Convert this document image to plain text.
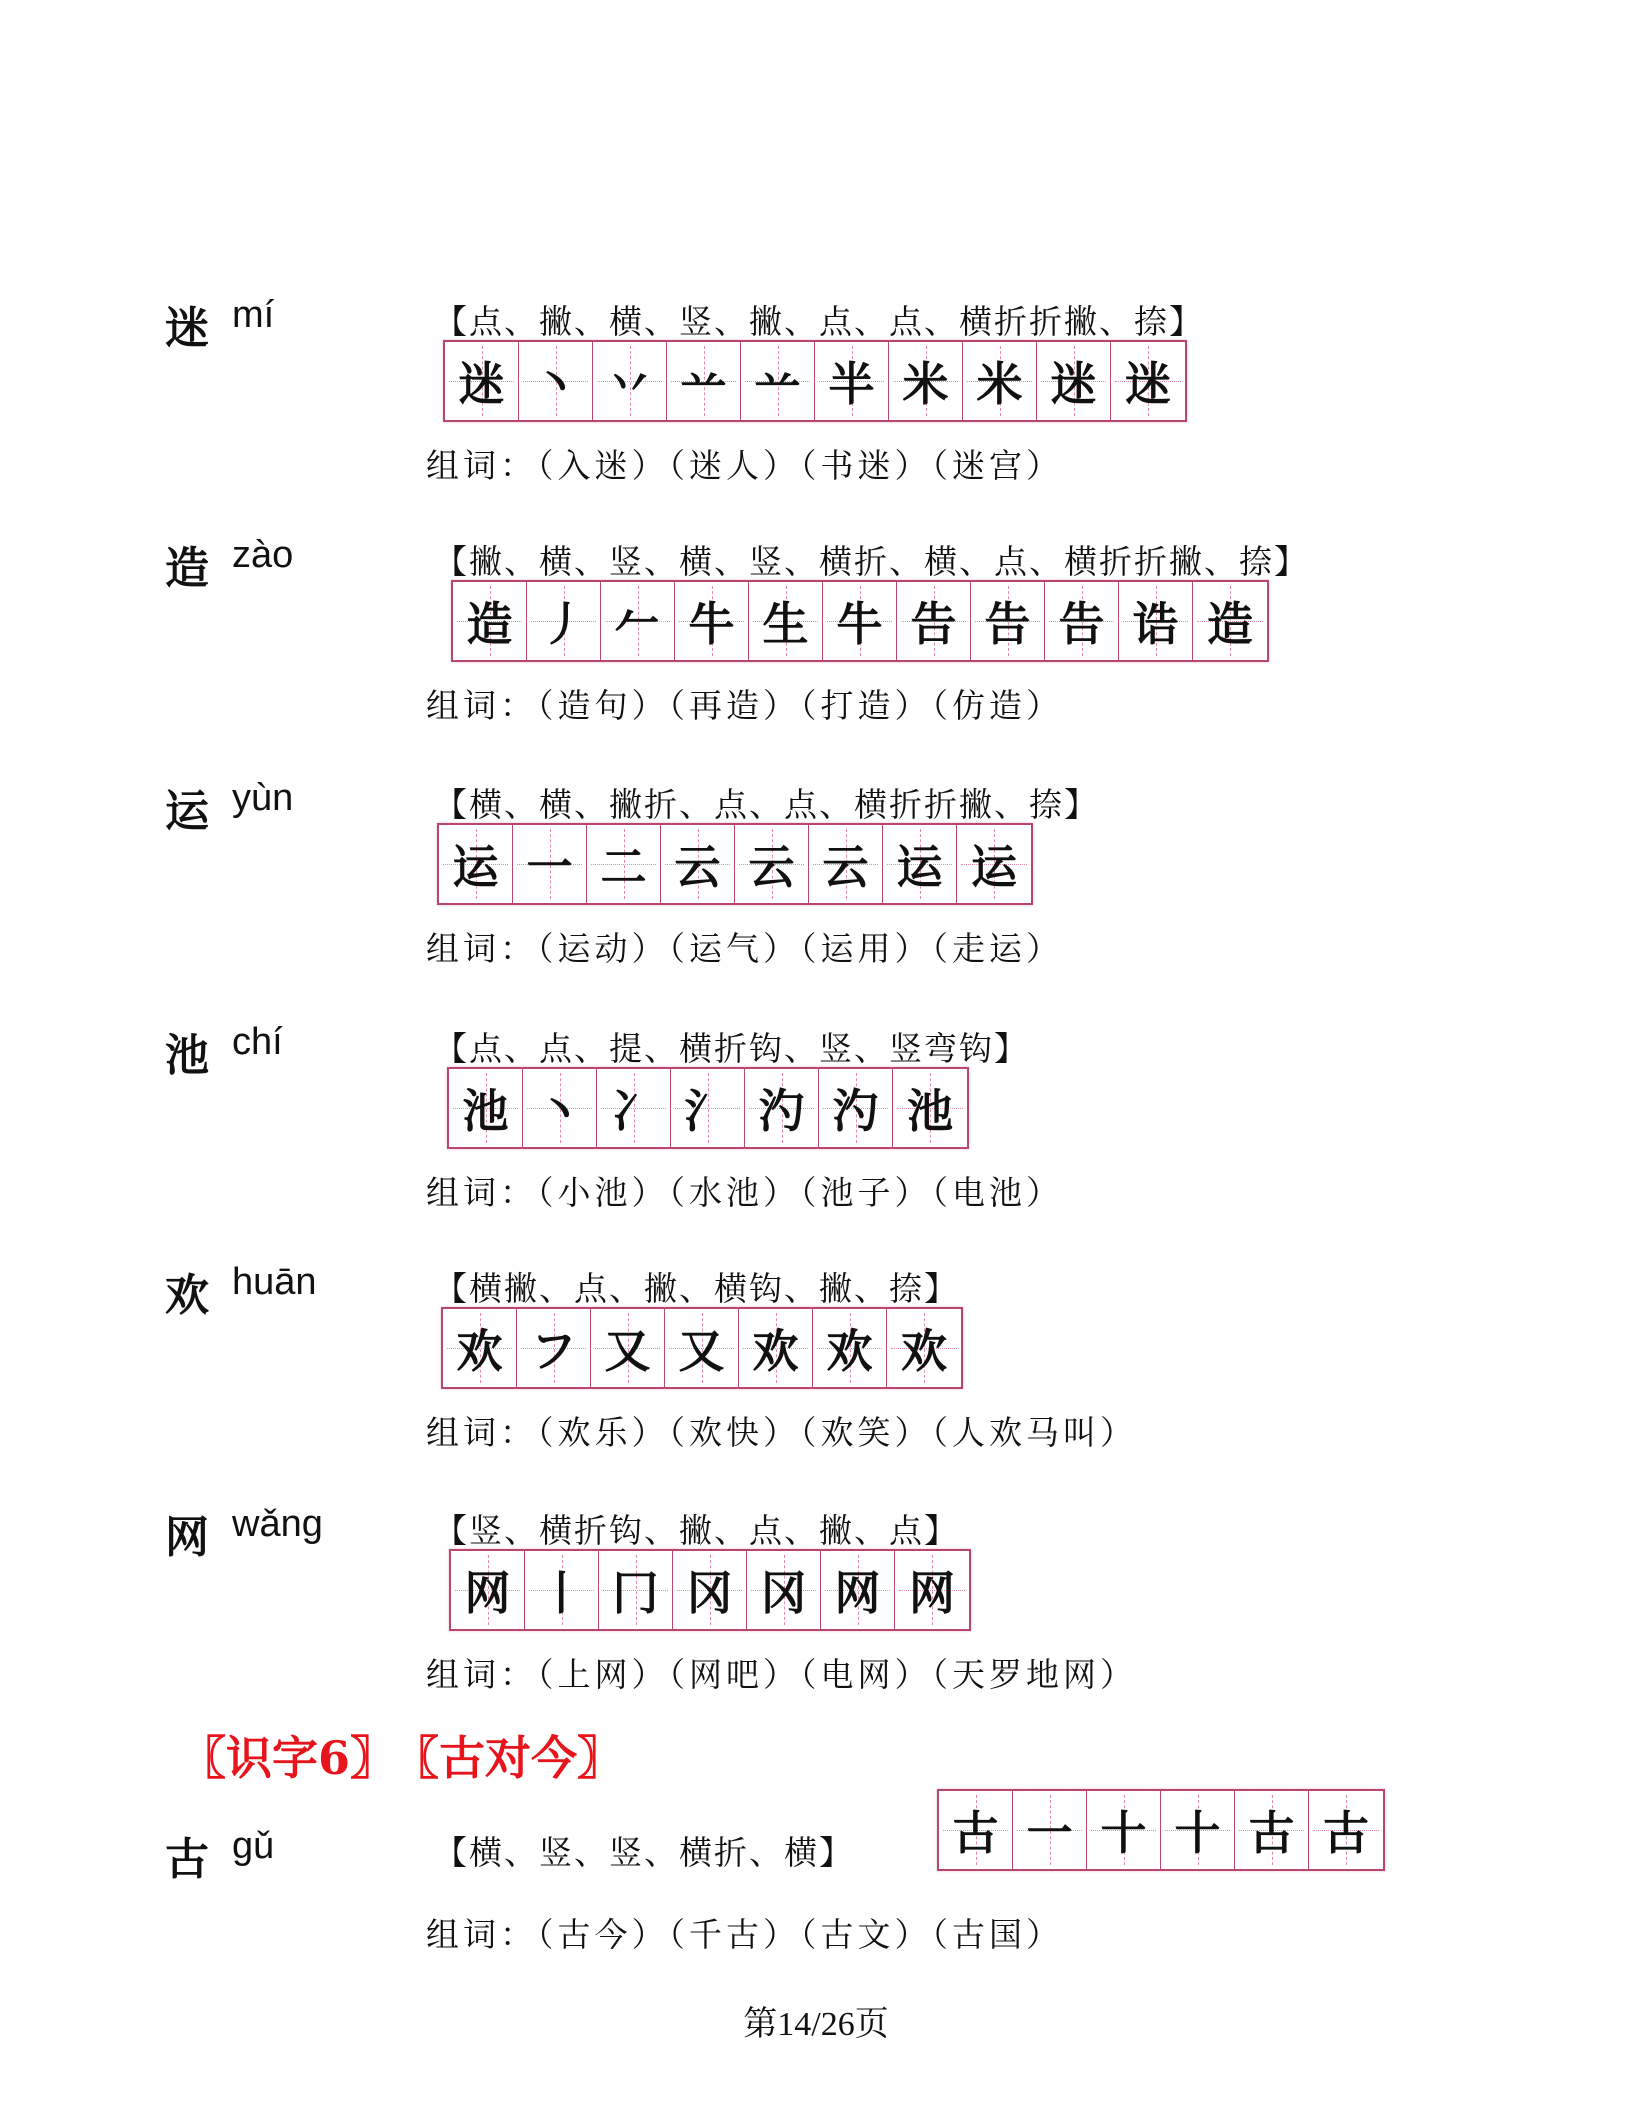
迷 mí	【点、撇、横、竖、撇、点、点、横折折撇、捺】
迷 丶 丷 䒑 䒑 半 米 米 迷 迷
组词：（入迷）（迷人）（书迷）（迷宫）
造 zào	【撇、横、竖、横、竖、横折、横、点、横折折撇、捺】
造 丿 𠂉 牛 生 牛 告 告 告 诰 造
组词：（造句）（再造）（打造）（仿造）
运 yùn	【横、横、撇折、点、点、横折折撇、捺】
运 一 二 云 云 云 运 运
组词：（运动）（运气）（运用）（走运）
池 chí	【点、点、提、横折钩、竖、竖弯钩】
池 丶 冫 氵 汋 汋 池
组词：（小池）（水池）（池子）（电池）
欢 huān	【横撇、点、撇、横钩、撇、捺】
欢 フ 又 又 欢 欢 欢
组词：（欢乐）（欢快）（欢笑）（人欢马叫）
网 wǎng	【竖、横折钩、撇、点、撇、点】
网 丨 冂 冈 冈 网 网
组词：（上网）（网吧）（电网）（天罗地网）
〖识字6〗 〖古对今〗
古 gǔ	【横、竖、竖、横折、横】 古 一 十 十 古 古
组词：（古今）（千古）（古文）（古国）
第14/26页
